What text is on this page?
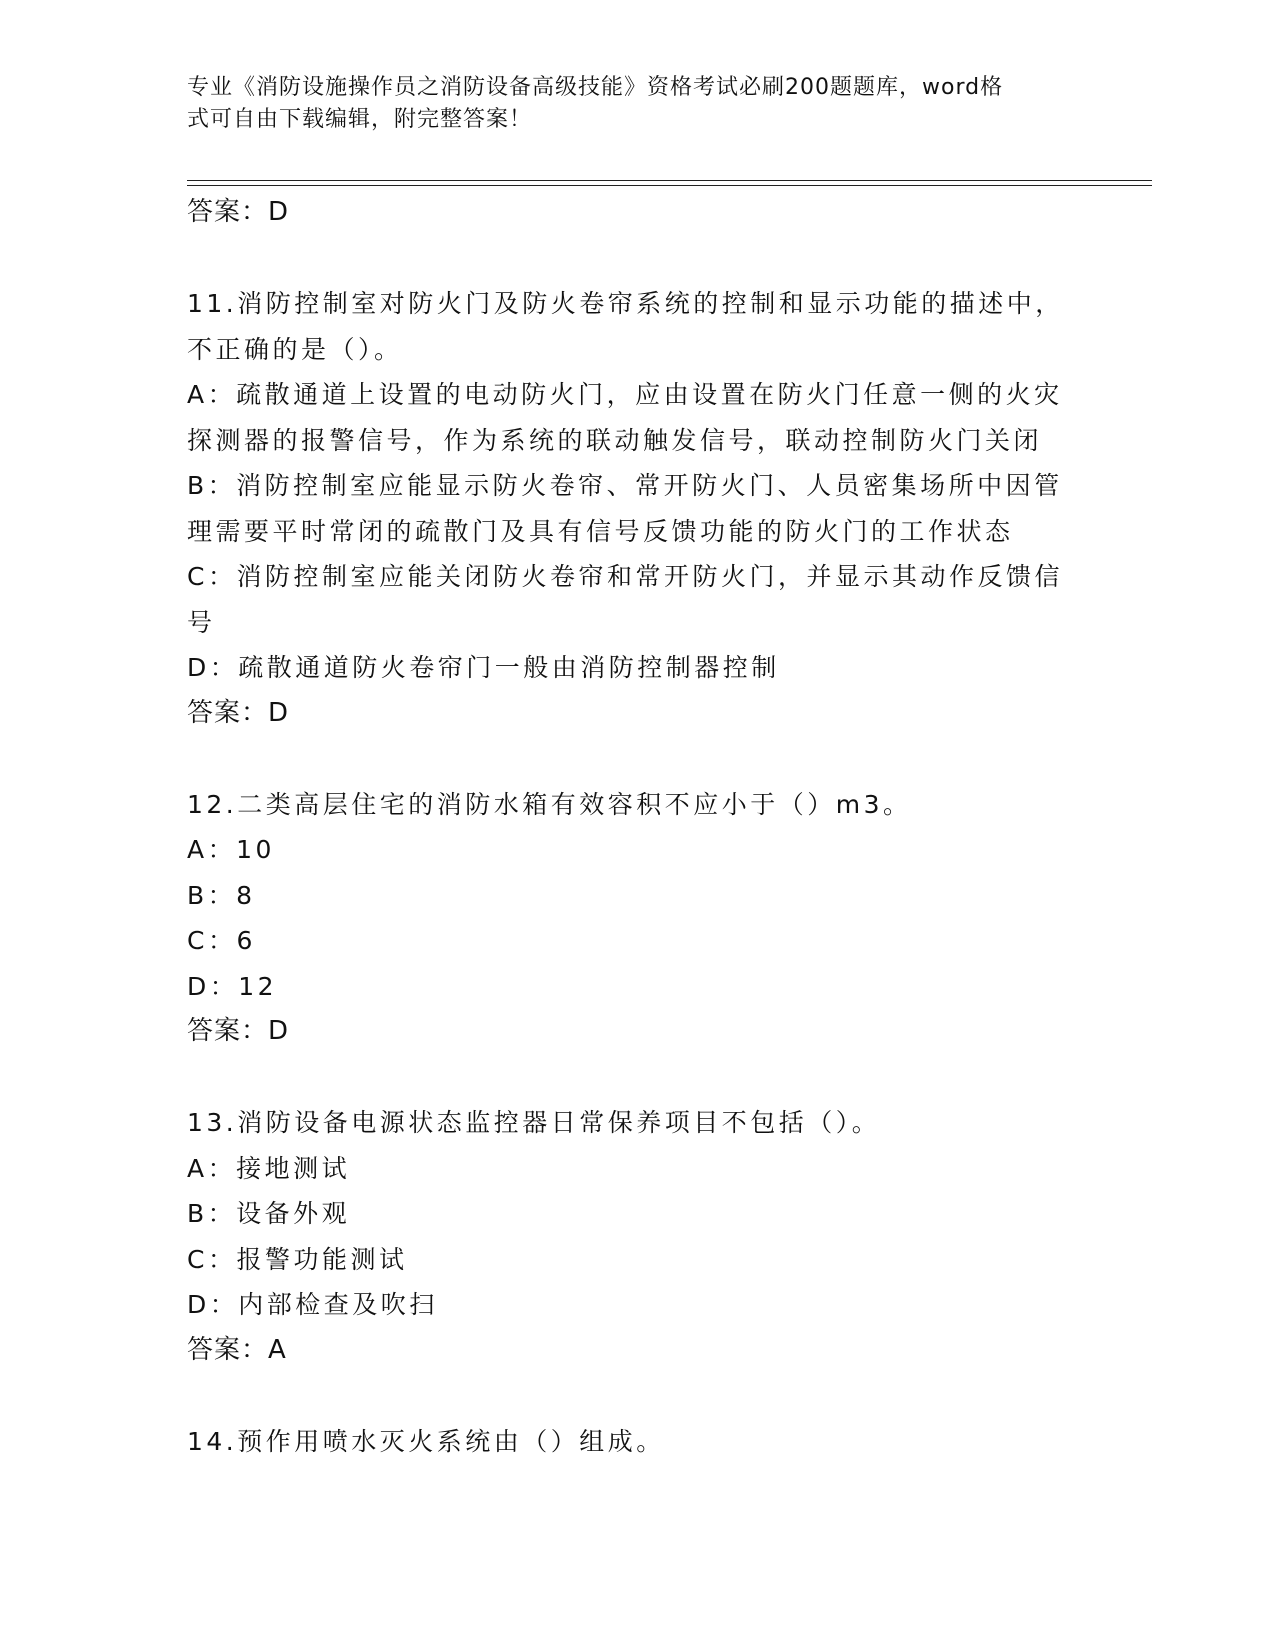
专业《消防设施操作员之消防设备高级技能》资格考试必刷200题题库，word格
式可自由下载编辑，附完整答案！
答案：D
11.消防控制室对防火门及防火卷帘系统的控制和显示功能的描述中，
不正确的是（）。
A：疏散通道上设置的电动防火门，应由设置在防火门任意一侧的火灾
探测器的报警信号，作为系统的联动触发信号，联动控制防火门关闭
B：消防控制室应能显示防火卷帘、常开防火门、人员密集场所中因管
理需要平时常闭的疏散门及具有信号反馈功能的防火门的工作状态
C：消防控制室应能关闭防火卷帘和常开防火门，并显示其动作反馈信
号
D：疏散通道防火卷帘门一般由消防控制器控制
答案：D
12.二类高层住宅的消防水箱有效容积不应小于（）m3。
A：10
B：8
C：6
D：12
答案：D
13.消防设备电源状态监控器日常保养项目不包括（）。
A：接地测试
B：设备外观
C：报警功能测试
D：内部检查及吹扫
答案：A
14.预作用喷水灭火系统由（）组成。
